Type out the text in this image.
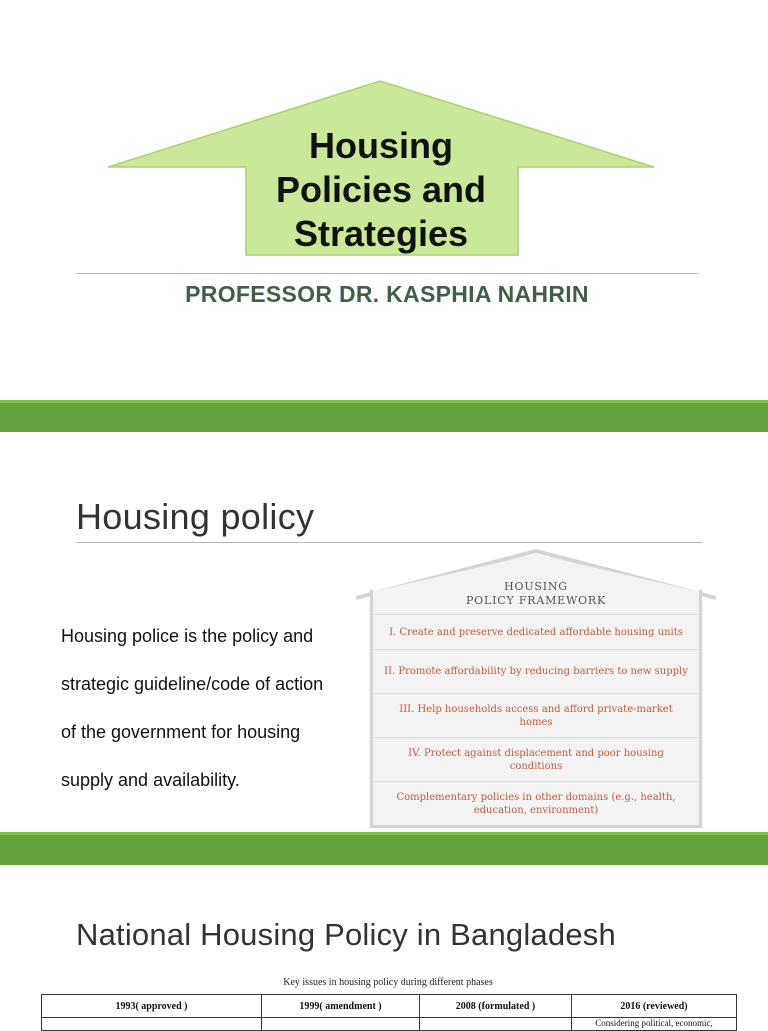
Housing
Policies and
Strategies
PROFESSOR DR. KASPHIA NAHRIN
Housing policy
Housing police is the policy and strategic guideline/code of action of the government for housing supply and availability.
HOUSING
POLICY FRAMEWORK
I. Create and preserve dedicated affordable housing units
II. Promote affordability by reducing barriers to new supply
III. Help households access and afford private-market homes
IV. Protect against displacement and poor housing conditions
Complementary policies in other domains (e.g., health, education, environment)
National Housing Policy in Bangladesh
Key issues in housing policy during different phases
1993( approved )	1999( amendment )	2008 (formulated )	2016 (reviewed)
			Considering political, economic,
